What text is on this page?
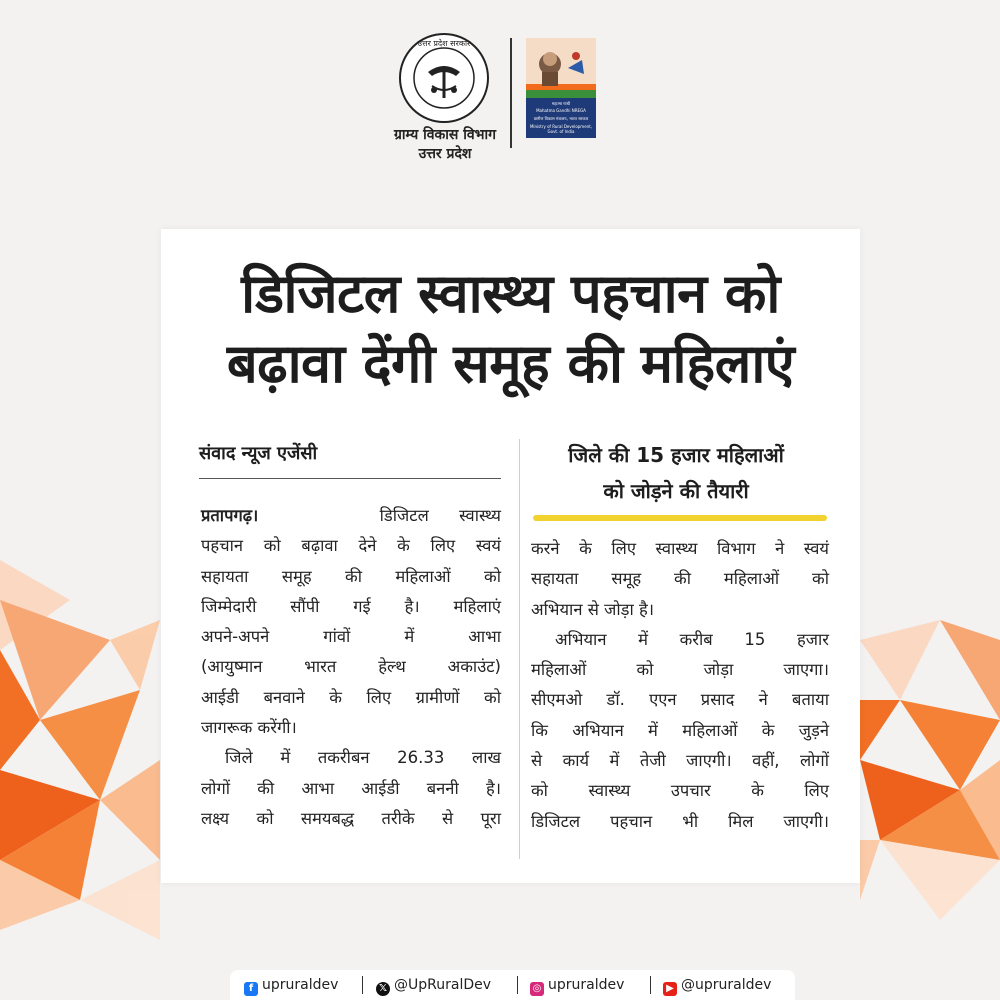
उत्तर प्रदेश सरकार
ग्राम्य विकास विभाग
उत्तर प्रदेश
महात्मा गांधी
Mahatma Gandhi NREGA
ग्रामीण विकास मंत्रालय, भारत सरकार
Ministry of Rural Development, Govt. of India
डिजिटल स्वास्थ्य पहचान को
बढ़ावा देंगी समूह की महिलाएं
संवाद न्यूज एजेंसी	जिले की 15 हजार महिलाओं
को जोड़ने की तैयारी

प्रतापगढ़।	डिजिटल स्वास्थ्य

पहचान को बढ़ावा देने के लिए स्वयं

सहायता समूह की महिलाओं को

जिम्मेदारी सौंपी गई है। महिलाएं

अपने-अपने गांवों में आभा

(आयुष्मान भारत हेल्थ अकाउंट)

आईडी बनवाने के लिए ग्रामीणों को

जागरूक करेंगी।

जिले में तकरीबन 26.33 लाख

लोगों की आभा आईडी बननी है।

लक्ष्य को समयबद्ध तरीके से पूरा

करने के लिए स्वास्थ्य विभाग ने स्वयं

सहायता समूह की महिलाओं को

अभियान से जोड़ा है।

अभियान में करीब 15 हजार

महिलाओं को जोड़ा जाएगा।

सीएमओ डॉ. एएन प्रसाद ने बताया

कि अभियान में महिलाओं के जुड़ने

से कार्य में तेजी जाएगी। वहीं, लोगों

को स्वास्थ्य उपचार के लिए

डिजिटल पहचान भी मिल जाएगी।

f upruraldev	𝕏 @UpRuralDev	◎ upruraldev	▶ @upruraldev
